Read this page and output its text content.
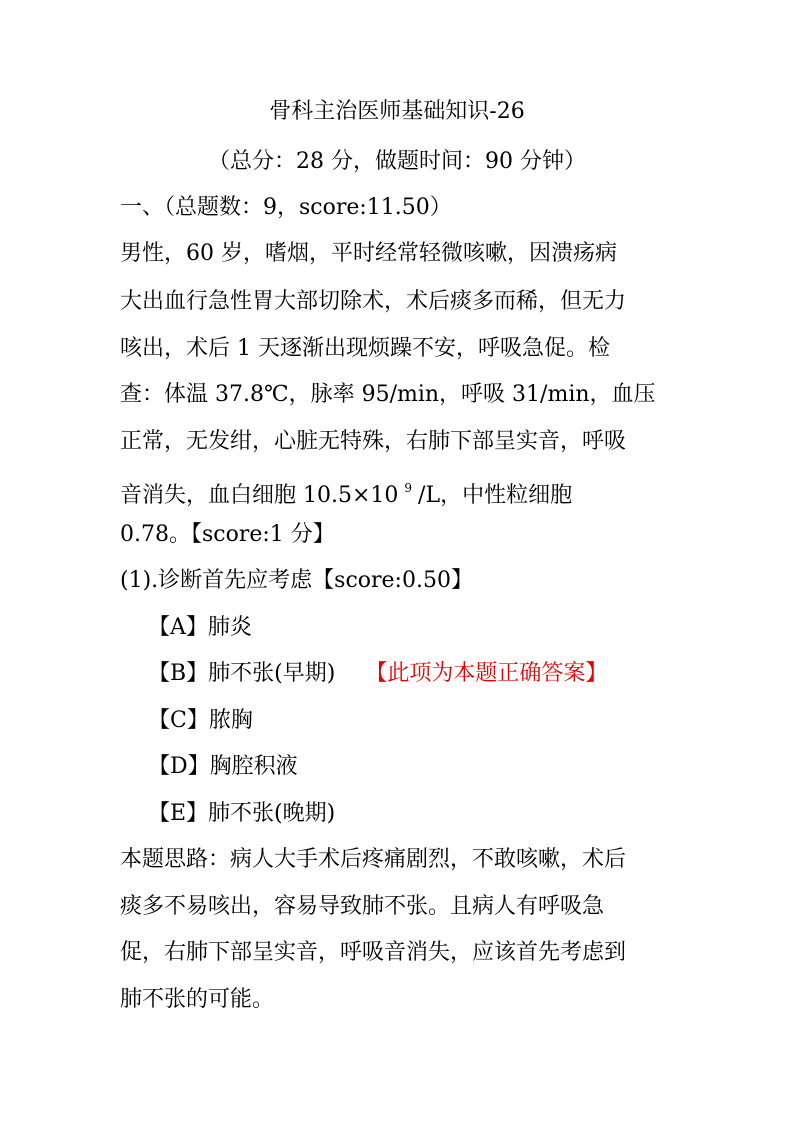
骨科主治医师基础知识-26
（总分：28 分，做题时间：90 分钟）
一、（总题数：9，score:11.50）
男性，60 岁，嗜烟，平时经常轻微咳嗽，因溃疡病
大出血行急性胃大部切除术，术后痰多而稀，但无力
咳出，术后 1 天逐渐出现烦躁不安，呼吸急促。检
查：体温 37.8℃，脉率 95/min，呼吸 31/min，血压
正常，无发绀，心脏无特殊，右肺下部呈实音，呼吸
音消失，血白细胞 10.5×10 $^9$ /L，中性粒细胞
0.78。【score:1 分】
(1).诊断首先应考虑【score:0.50】
【A】肺炎
【B】肺不张(早期) 【此项为本题正确答案】
【C】脓胸
【D】胸腔积液
【E】肺不张(晚期)
本题思路：病人大手术后疼痛剧烈，不敢咳嗽，术后
痰多不易咳出，容易导致肺不张。且病人有呼吸急
促，右肺下部呈实音，呼吸音消失，应该首先考虑到
肺不张的可能。
